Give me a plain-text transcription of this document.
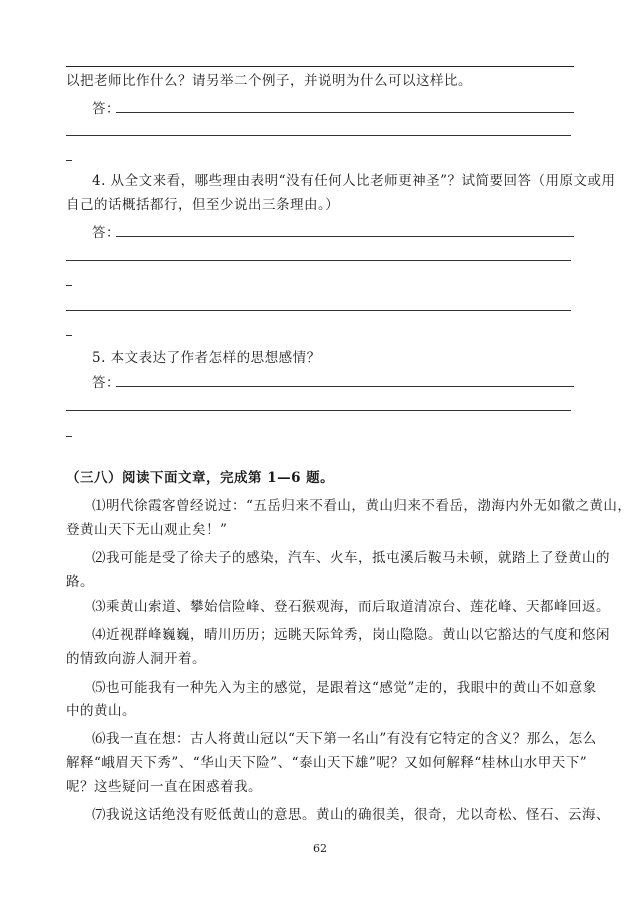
以把老师比作什么？请另举二个例子，并说明为什么可以这样比。
答：
4. 从全文来看，哪些理由表明“没有任何人比老师更神圣”？试简要回答（用原文或用
自己的话概括都行，但至少说出三条理由。）
答：
5. 本文表达了作者怎样的思想感情？
答：
（三八）阅读下面文章，完成第 1—6 题。
⑴明代徐霞客曾经说过：“五岳归来不看山，黄山归来不看岳，渤海内外无如徽之黄山，
登黄山天下无山观止矣！”
⑵我可能是受了徐夫子的感染，汽车、火车，抵屯溪后鞍马未顿，就踏上了登黄山的
路。
⑶乘黄山索道、攀始信险峰、登石猴观海，而后取道清凉台、莲花峰、天都峰回返。
⑷近视群峰巍巍，晴川历历；远眺天际耸秀，岗山隐隐。黄山以它豁达的气度和悠闲
的情致向游人洞开着。
⑸也可能我有一种先入为主的感觉，是跟着这“感觉”走的，我眼中的黄山不如意象
中的黄山。
⑹我一直在想：古人将黄山冠以“天下第一名山”有没有它特定的含义？那么，怎么
解释“峨眉天下秀”、“华山天下险”、“泰山天下雄”呢？又如何解释“桂林山水甲天下”
呢？这些疑问一直在困惑着我。
⑺我说这话绝没有贬低黄山的意思。黄山的确很美，很奇，尤以奇松、怪石、云海、
62
